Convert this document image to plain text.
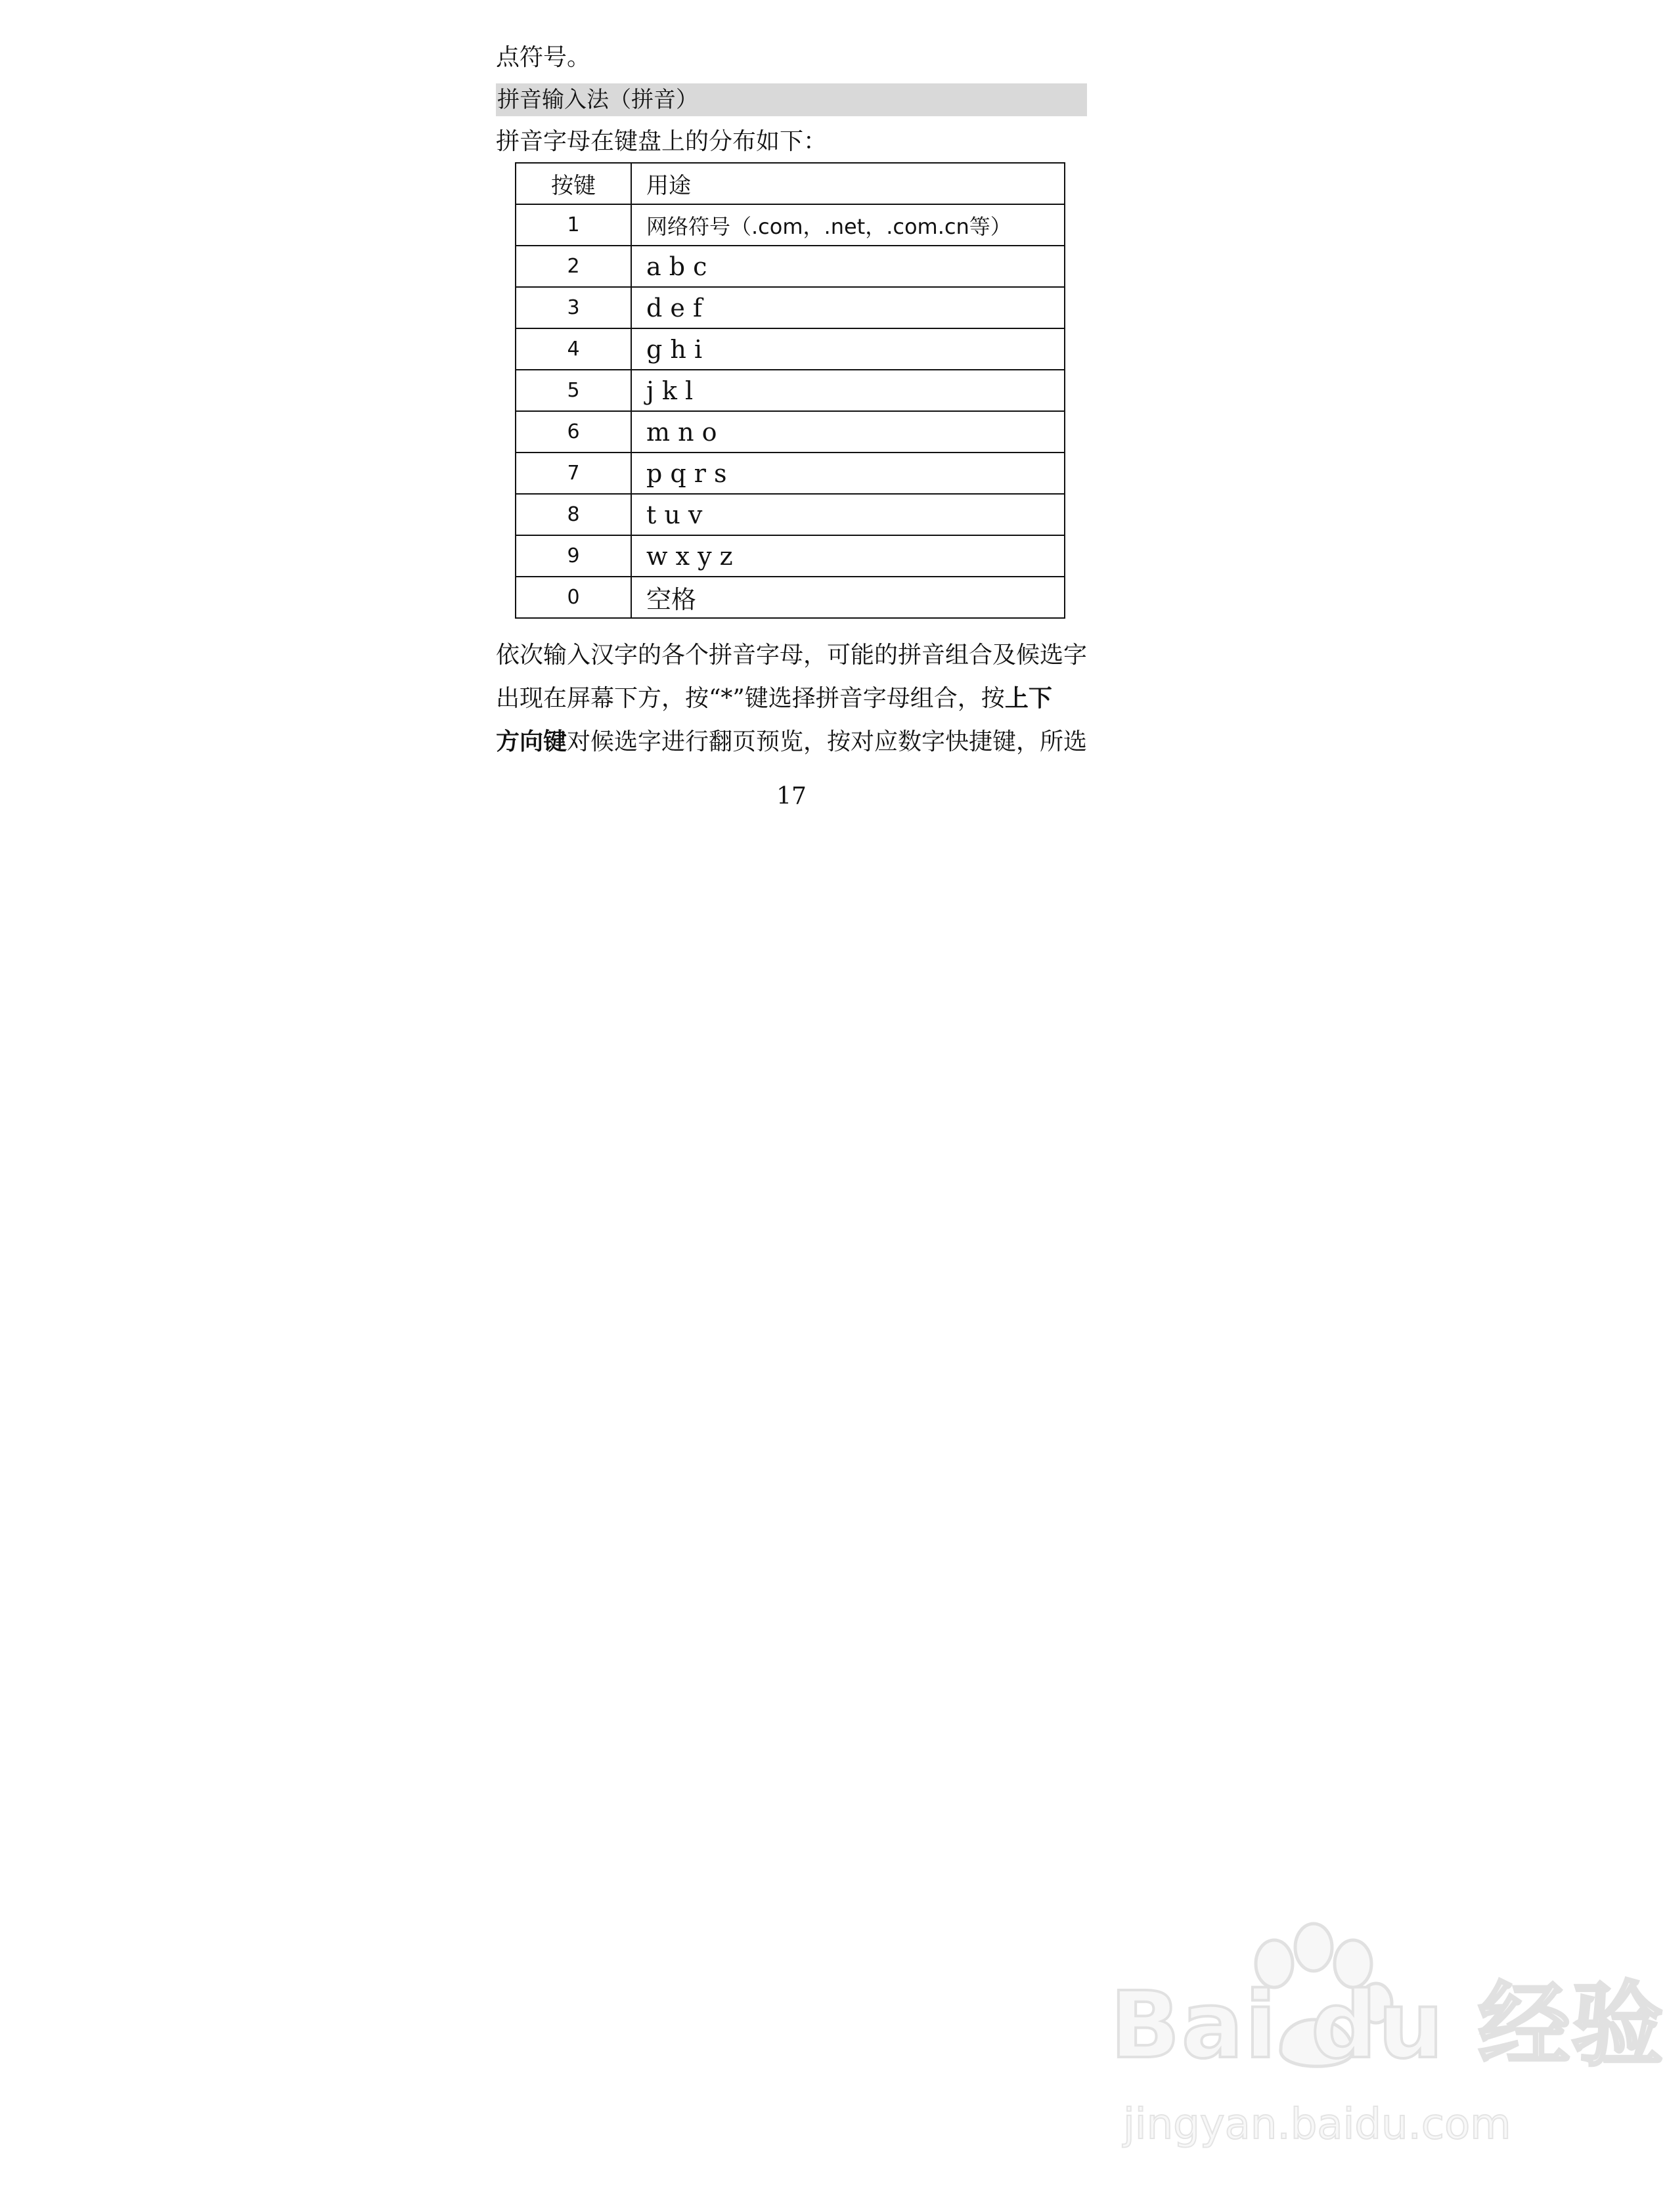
点符号。
拼音输入法（拼音）
拼音字母在键盘上的分布如下：
按键	用途
1	网络符号（.com，.net，.com.cn等）
2	a b c
3	d e f
4	g h i
5	j k l
6	m n o
7	p q r s
8	t u v
9	w x y z
0	空格

依次输入汉字的各个拼音字母，可能的拼音组合及候选字

出现在屏幕下方，按“*”键选择拼音字母组合，按上下

方向键对候选字进行翻页预览，按对应数字快捷键，所选

17
Bai du 经验
jingyan.baidu.com
